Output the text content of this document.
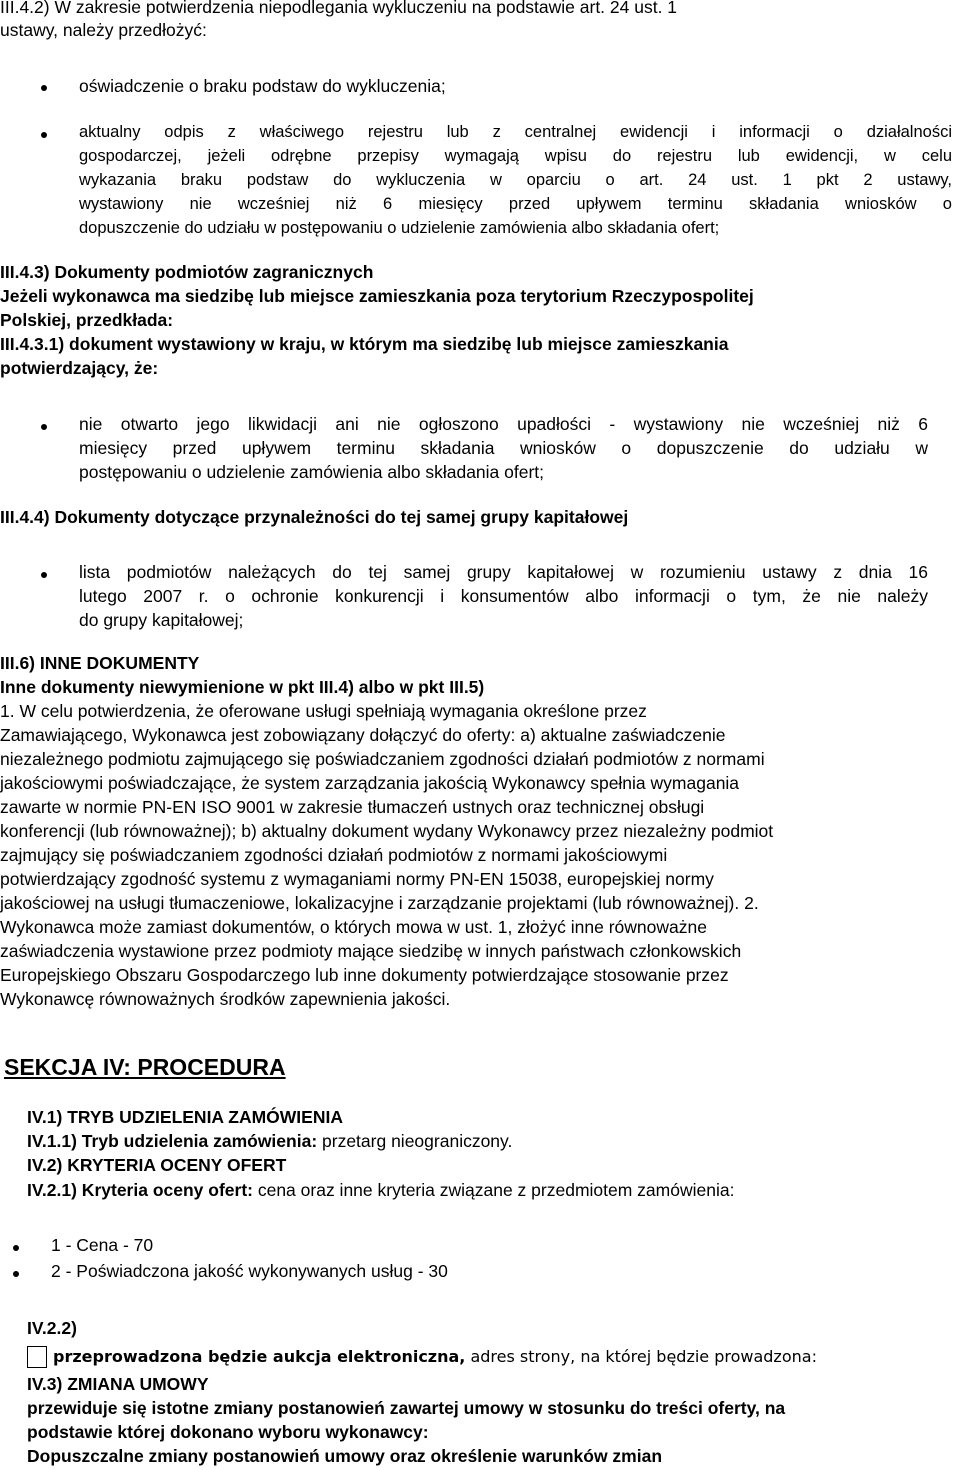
III.4.2) W zakresie potwierdzenia niepodlegania wykluczeniu na podstawie art. 24 ust. 1
ustawy, należy przedłożyć:
oświadczenie o braku podstaw do wykluczenia;
aktualny odpis z właściwego rejestru lub z centralnej ewidencji i informacji o działalności
gospodarczej, jeżeli odrębne przepisy wymagają wpisu do rejestru lub ewidencji, w celu
wykazania braku podstaw do wykluczenia w oparciu o art. 24 ust. 1 pkt 2 ustawy,
wystawiony nie wcześniej niż 6 miesięcy przed upływem terminu składania wniosków o
dopuszczenie do udziału w postępowaniu o udzielenie zamówienia albo składania ofert;
III.4.3) Dokumenty podmiotów zagranicznych
Jeżeli wykonawca ma siedzibę lub miejsce zamieszkania poza terytorium Rzeczypospolitej
Polskiej, przedkłada:
III.4.3.1) dokument wystawiony w kraju, w którym ma siedzibę lub miejsce zamieszkania
potwierdzający, że:
nie otwarto jego likwidacji ani nie ogłoszono upadłości - wystawiony nie wcześniej niż 6
miesięcy przed upływem terminu składania wniosków o dopuszczenie do udziału w
postępowaniu o udzielenie zamówienia albo składania ofert;
III.4.4) Dokumenty dotyczące przynależności do tej samej grupy kapitałowej
lista podmiotów należących do tej samej grupy kapitałowej w rozumieniu ustawy z dnia 16
lutego 2007 r. o ochronie konkurencji i konsumentów albo informacji o tym, że nie należy
do grupy kapitałowej;
III.6) INNE DOKUMENTY
Inne dokumenty niewymienione w pkt III.4) albo w pkt III.5)
1. W celu potwierdzenia, że oferowane usługi spełniają wymagania określone przez
Zamawiającego, Wykonawca jest zobowiązany dołączyć do oferty: a) aktualne zaświadczenie
niezależnego podmiotu zajmującego się poświadczaniem zgodności działań podmiotów z normami
jakościowymi poświadczające, że system zarządzania jakością Wykonawcy spełnia wymagania
zawarte w normie PN-EN ISO 9001 w zakresie tłumaczeń ustnych oraz technicznej obsługi
konferencji (lub równoważnej); b) aktualny dokument wydany Wykonawcy przez niezależny podmiot
zajmujący się poświadczaniem zgodności działań podmiotów z normami jakościowymi
potwierdzający zgodność systemu z wymaganiami normy PN-EN 15038, europejskiej normy
jakościowej na usługi tłumaczeniowe, lokalizacyjne i zarządzanie projektami (lub równoważnej). 2.
Wykonawca może zamiast dokumentów, o których mowa w ust. 1, złożyć inne równoważne
zaświadczenia wystawione przez podmioty mające siedzibę w innych państwach członkowskich
Europejskiego Obszaru Gospodarczego lub inne dokumenty potwierdzające stosowanie przez
Wykonawcę równoważnych środków zapewnienia jakości.
SEKCJA IV: PROCEDURA
IV.1) TRYB UDZIELENIA ZAMÓWIENIA
IV.1.1) Tryb udzielenia zamówienia: przetarg nieograniczony.
IV.2) KRYTERIA OCENY OFERT
IV.2.1) Kryteria oceny ofert: cena oraz inne kryteria związane z przedmiotem zamówienia:
1 - Cena - 70
2 - Poświadczona jakość wykonywanych usług - 30
IV.2.2)
przeprowadzona będzie aukcja elektroniczna, adres strony, na której będzie prowadzona:
IV.3) ZMIANA UMOWY
przewiduje się istotne zmiany postanowień zawartej umowy w stosunku do treści oferty, na
podstawie której dokonano wyboru wykonawcy:
Dopuszczalne zmiany postanowień umowy oraz określenie warunków zmian
